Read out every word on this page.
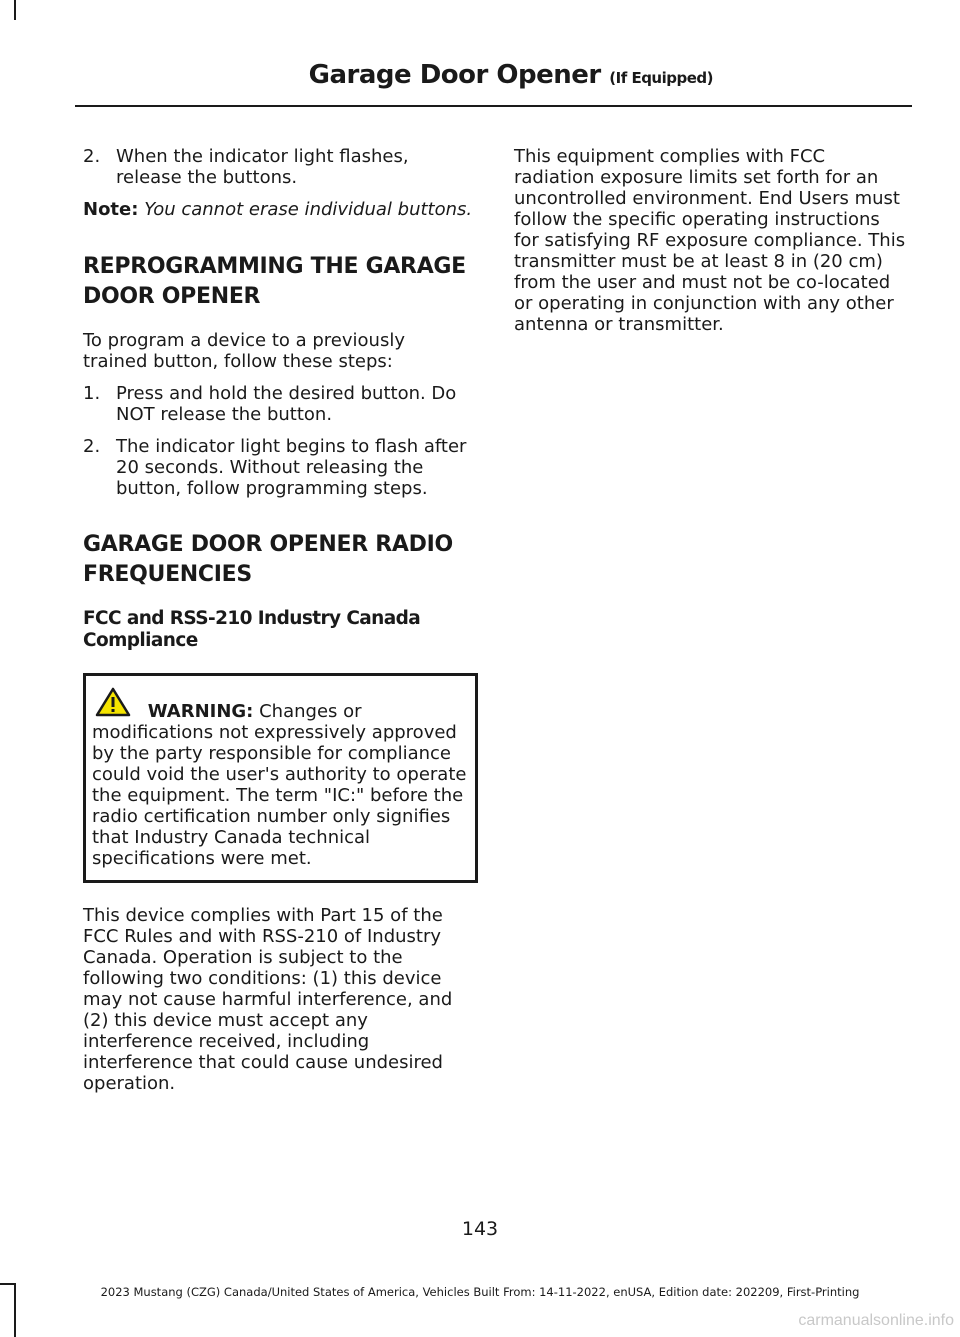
Garage Door Opener (If Equipped)
2. When the indicator light flashes, release the buttons.

Note: You cannot erase individual buttons.

REPROGRAMMING THE GARAGE DOOR OPENER

To program a device to a previously trained button, follow these steps:

1. Press and hold the desired button. Do NOT release the button.
2. The indicator light begins to flash after 20 seconds. Without releasing the button, follow programming steps.
GARAGE DOOR OPENER RADIO FREQUENCIES
FCC and RSS-210 Industry Canada Compliance
WARNING: Changes or modifications not expressively approved by the party responsible for compliance could void the user's authority to operate the equipment. The term "IC:" before the radio certification number only signifies that Industry Canada technical specifications were met.

This device complies with Part 15 of the FCC Rules and with RSS-210 of Industry Canada. Operation is subject to the following two conditions: (1) this device may not cause harmful interference, and (2) this device must accept any interference received, including interference that could cause undesired operation.

This equipment complies with FCC radiation exposure limits set forth for an uncontrolled environment. End Users must follow the specific operating instructions for satisfying RF exposure compliance. This transmitter must be at least 8 in (20 cm) from the user and must not be co-located or operating in conjunction with any other antenna or transmitter.

143
2023 Mustang (CZG) Canada/United States of America, Vehicles Built From: 14-11-2022, enUSA, Edition date: 202209, First-Printing
carmanualsonline.info
